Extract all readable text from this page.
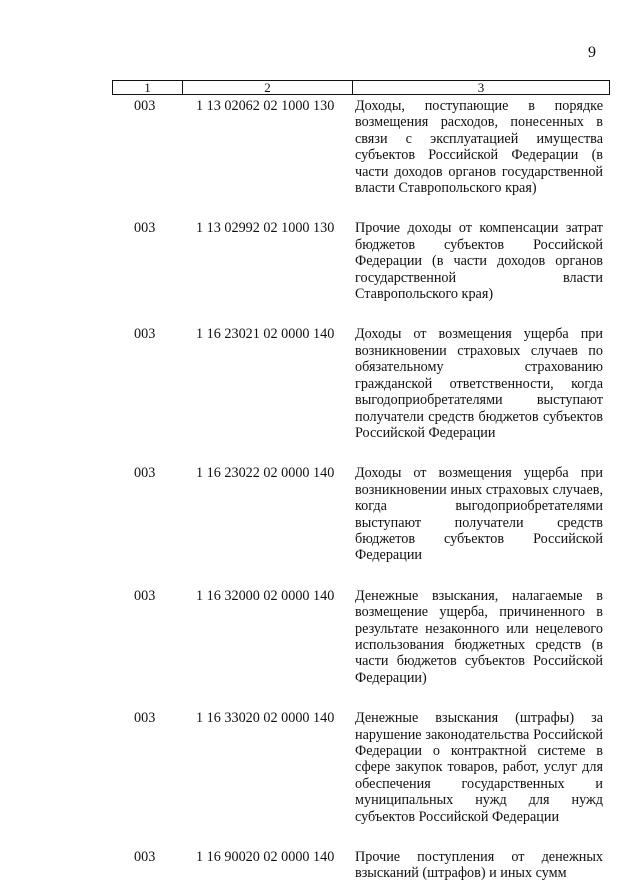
9
1	2	3
003	1 13 02062 02 1000 130 Доходы, поступающие в порядке возмещения расходов, понесенных в связи с эксплуатацией имущества субъектов Российской Федерации (в части доходов органов государственной власти Ставропольского края)
003	1 13 02992 02 1000 130 Прочие доходы от компенсации затрат бюджетов субъектов Российской Федерации (в части доходов органов государственной власти Ставропольского края)
003	1 16 23021 02 0000 140 Доходы от возмещения ущерба при возникновении страховых случаев по обязательному страхованию гражданской ответственности, когда выгодоприобретателями выступают получатели средств бюджетов субъектов Российской Федерации
003	1 16 23022 02 0000 140 Доходы от возмещения ущерба при возникновении иных страховых случаев, когда выгодоприобретателями выступают получатели средств бюджетов субъектов Российской Федерации
003	1 16 32000 02 0000 140 Денежные взыскания, налагаемые в возмещение ущерба, причиненного в результате незаконного или нецелевого использования бюджетных средств (в части бюджетов субъектов Российской Федерации)
003	1 16 33020 02 0000 140 Денежные взыскания (штрафы) за нарушение законодательства Российской Федерации о контрактной системе в сфере закупок товаров, работ, услуг для обеспечения государственных и муниципальных нужд для нужд субъектов Российской Федерации
003	1 16 90020 02 0000 140 Прочие поступления от денежных взысканий (штрафов) и иных сумм
